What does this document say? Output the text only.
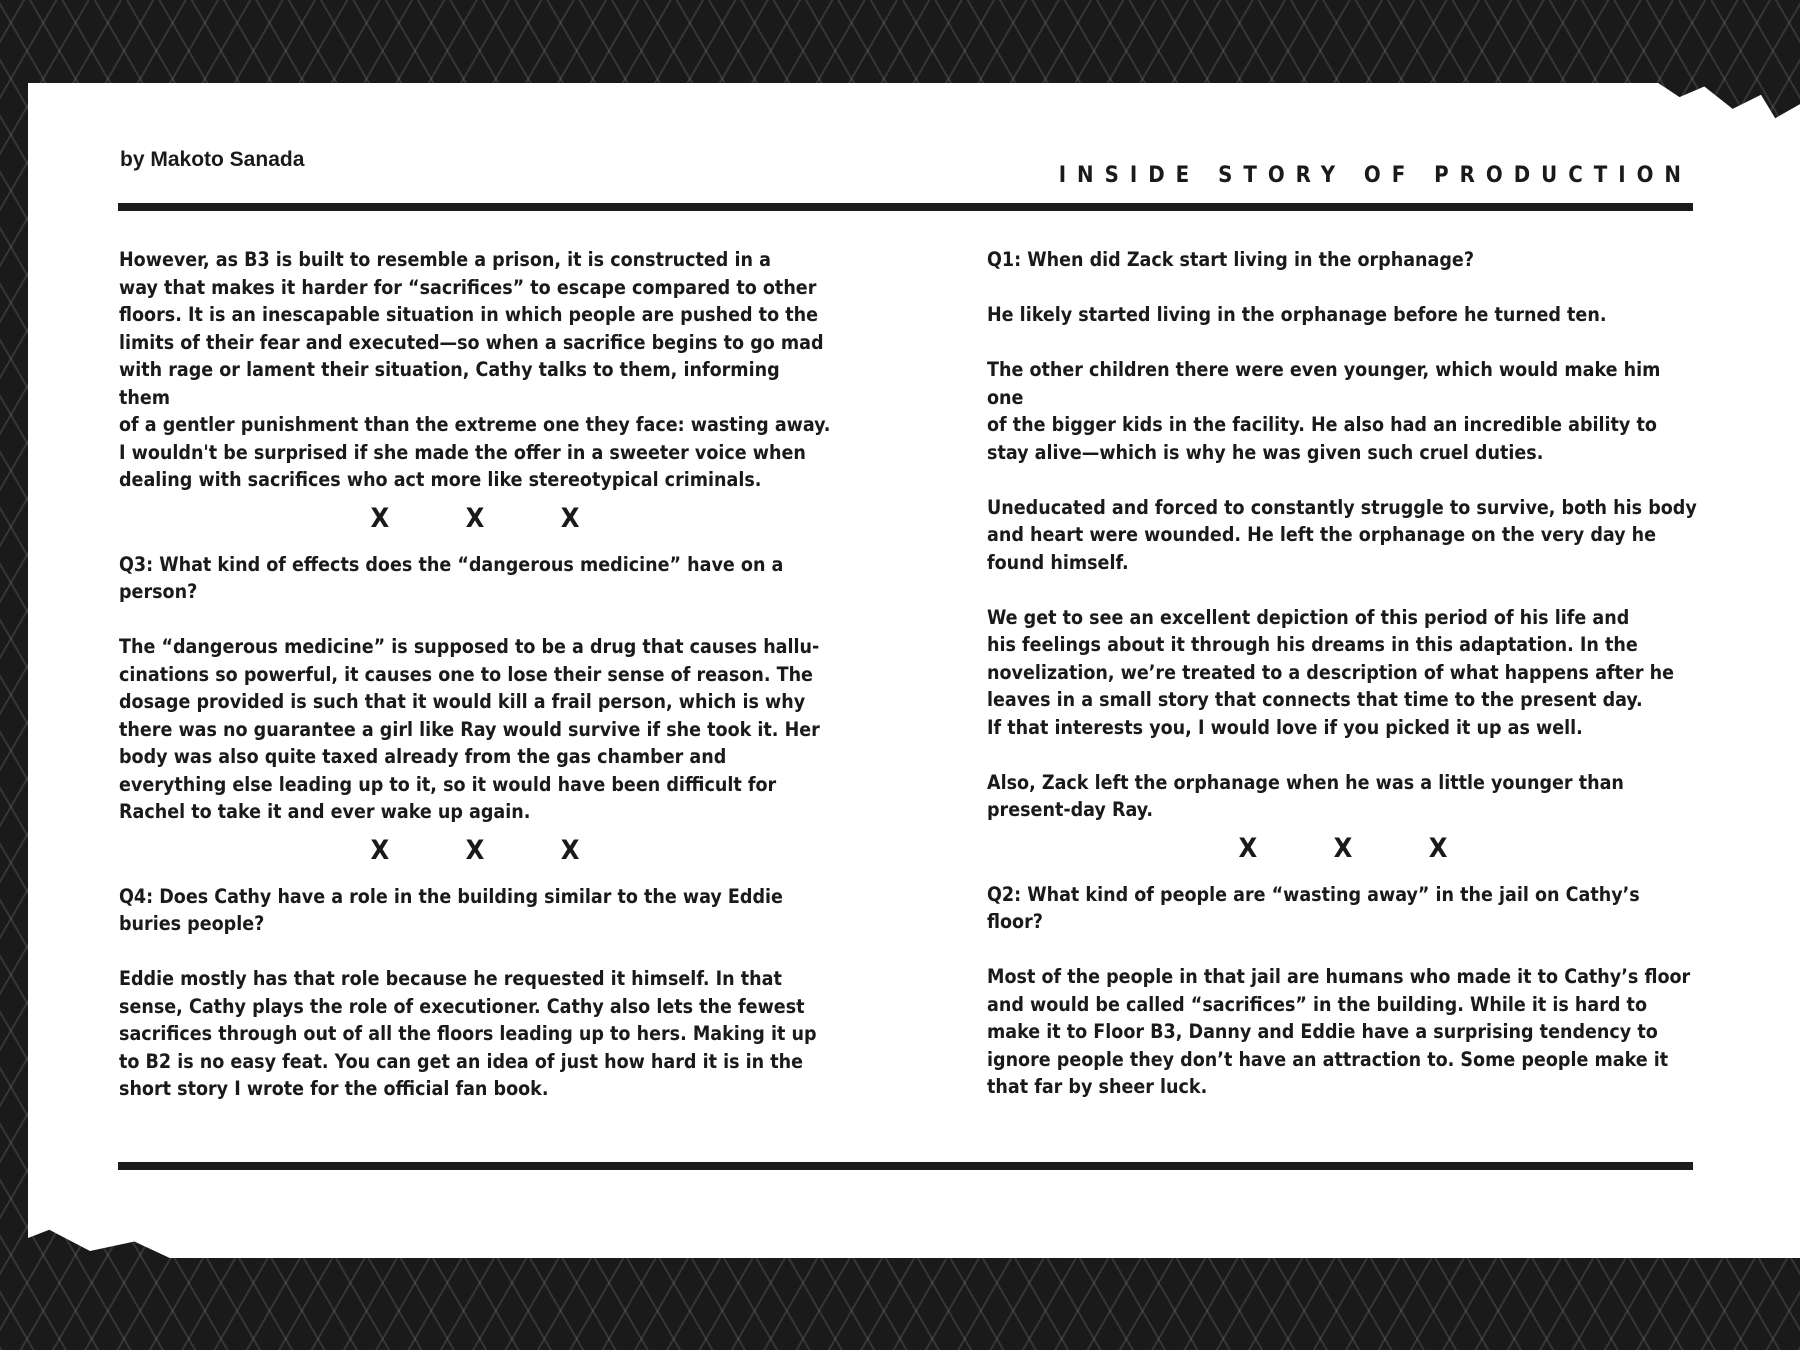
by Makoto Sanada
INSIDE STORY OF PRODUCTION

However, as B3 is built to resemble a prison, it is constructed in a
way that makes it harder for “sacrifices” to escape compared to other
floors. It is an inescapable situation in which people are pushed to the
limits of their fear and executed—so when a sacrifice begins to go mad
with rage or lament their situation, Cathy talks to them, informing them
of a gentler punishment than the extreme one they face: wasting away.
I wouldn't be surprised if she made the offer in a sweeter voice when
dealing with sacrifices who act more like stereotypical criminals.

X X X

Q3: What kind of effects does the “dangerous medicine” have on a
person?

The “dangerous medicine” is supposed to be a drug that causes hallu-
cinations so powerful, it causes one to lose their sense of reason. The
dosage provided is such that it would kill a frail person, which is why
there was no guarantee a girl like Ray would survive if she took it. Her
body was also quite taxed already from the gas chamber and
everything else leading up to it, so it would have been difficult for
Rachel to take it and ever wake up again.

X X X

Q4: Does Cathy have a role in the building similar to the way Eddie
buries people?

Eddie mostly has that role because he requested it himself. In that
sense, Cathy plays the role of executioner. Cathy also lets the fewest
sacrifices through out of all the floors leading up to hers. Making it up
to B2 is no easy feat. You can get an idea of just how hard it is in the
short story I wrote for the official fan book.

Q1: When did Zack start living in the orphanage?

He likely started living in the orphanage before he turned ten.

The other children there were even younger, which would make him one
of the bigger kids in the facility. He also had an incredible ability to
stay alive—which is why he was given such cruel duties.

Uneducated and forced to constantly struggle to survive, both his body
and heart were wounded. He left the orphanage on the very day he
found himself.

We get to see an excellent depiction of this period of his life and
his feelings about it through his dreams in this adaptation. In the
novelization, we’re treated to a description of what happens after he
leaves in a small story that connects that time to the present day.
If that interests you, I would love if you picked it up as well.

Also, Zack left the orphanage when he was a little younger than
present-day Ray.

X X X

Q2: What kind of people are “wasting away” in the jail on Cathy’s floor?

Most of the people in that jail are humans who made it to Cathy’s floor
and would be called “sacrifices” in the building. While it is hard to
make it to Floor B3, Danny and Eddie have a surprising tendency to
ignore people they don’t have an attraction to. Some people make it
that far by sheer luck.
